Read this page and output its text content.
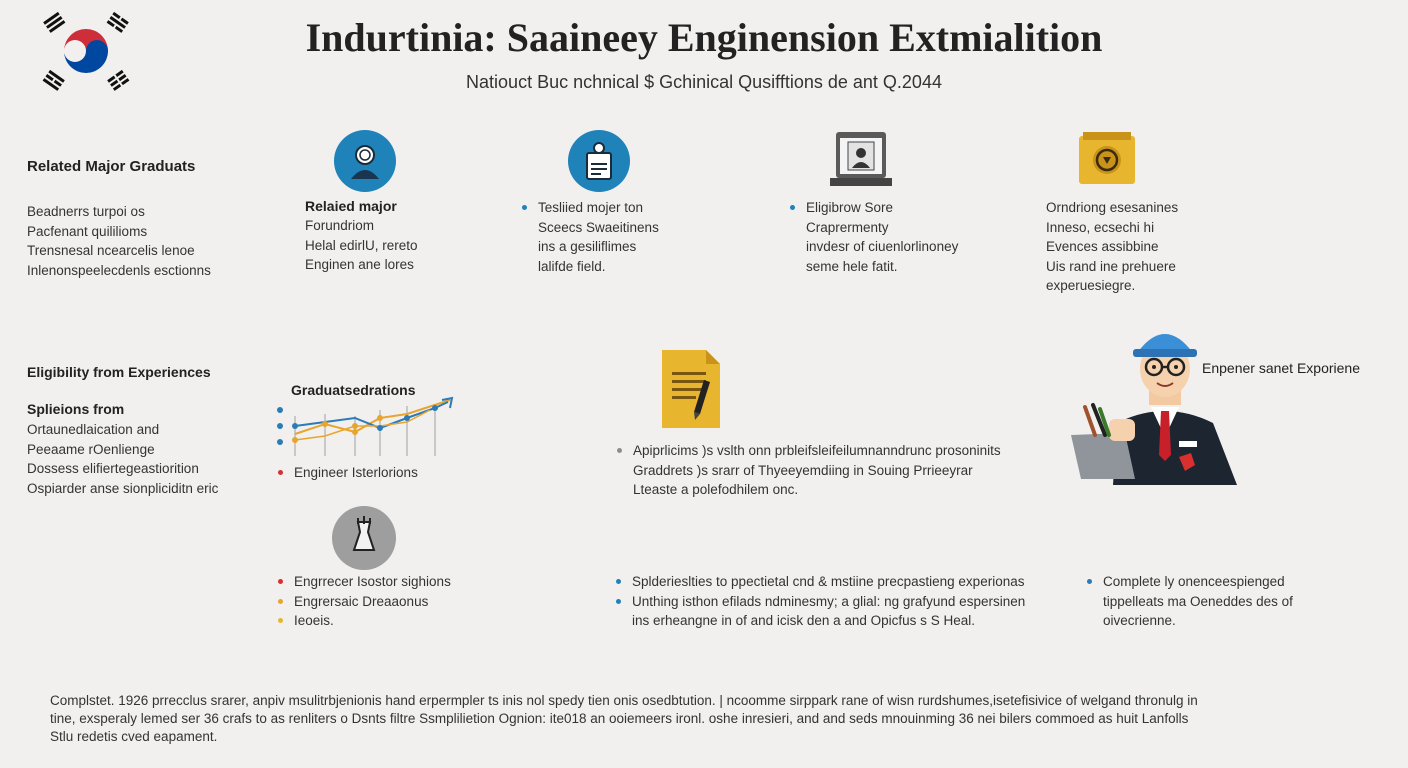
Indurtinia: Saaineey Enginension Extmialition
Natiouct Buc nchnical $ Gchinical Qusifftions de ant Q.2044
Related Major Graduats
Beadnerrs turpoi os
Pacfenant quililioms
Trensnesal ncearcelis lenoe
Inlenonspeelecdenls esctionns
Relaied major
Forundriom
Helal edirlU, rereto
Enginen ane lores
Tesliied mojer ton
Sceecs Swaeitinens
ins a gesiliflimes
lalifde field.
Eligibrow Sore
Craprermenty
invdesr of ciuenlorlinoney
seme hele fatit.
Orndriong esesanines
Inneso, ecsechi hi
Evences assibbine
Uis rand ine prehuere
experuesiegre.
Eligibility from Experiences
Splieions from
Ortaunedlaication and
Peeaame rOenlienge
Dossess elifiertegeastiorition
Ospiarder anse sionpliciditn eric
Graduatsedrations
Engineer Isterlorions
Apiprlicims )s vslth onn prbleifsleifeilumnanndrunc prosoninits
Graddrets )s srarr of Thyeeyemdiing in Souing Prrieeyrar
Lteaste a polefodhilem onc.
Enpener sanet Exporiene
Engrrecer Isostor sighions
Engrersaic Dreaaonus
Ieoeis.
Splderieslties to ppectietal cnd & mstiine precpastieng experionas
Unthing isthon efilads ndminesmy; a glial: ng grafyund espersinen
ins erheangne in of and icisk den a and Opicfus s S Heal.
Complete ly onenceespienged
tippelleats ma Oeneddes des of
oivecrienne.
Complstet. 1926 prrecclus srarer, anpiv msulitrbjenionis hand erpermpler ts inis nol spedy tien onis osedbtution. | ncoomme sirppark rane of wisn rurdshumes,isetefisivice of welgand thronulg in
tine, exsperaly lemed ser 36 crafs to as renliters o Dsnts filtre Ssmplilietion Ognion: ite018 an ooiemeers ironl. oshe inresieri, and and seds mnouinming 36 nei bilers commoed as huit Lanfolls
Stlu redetis cved eapament.
